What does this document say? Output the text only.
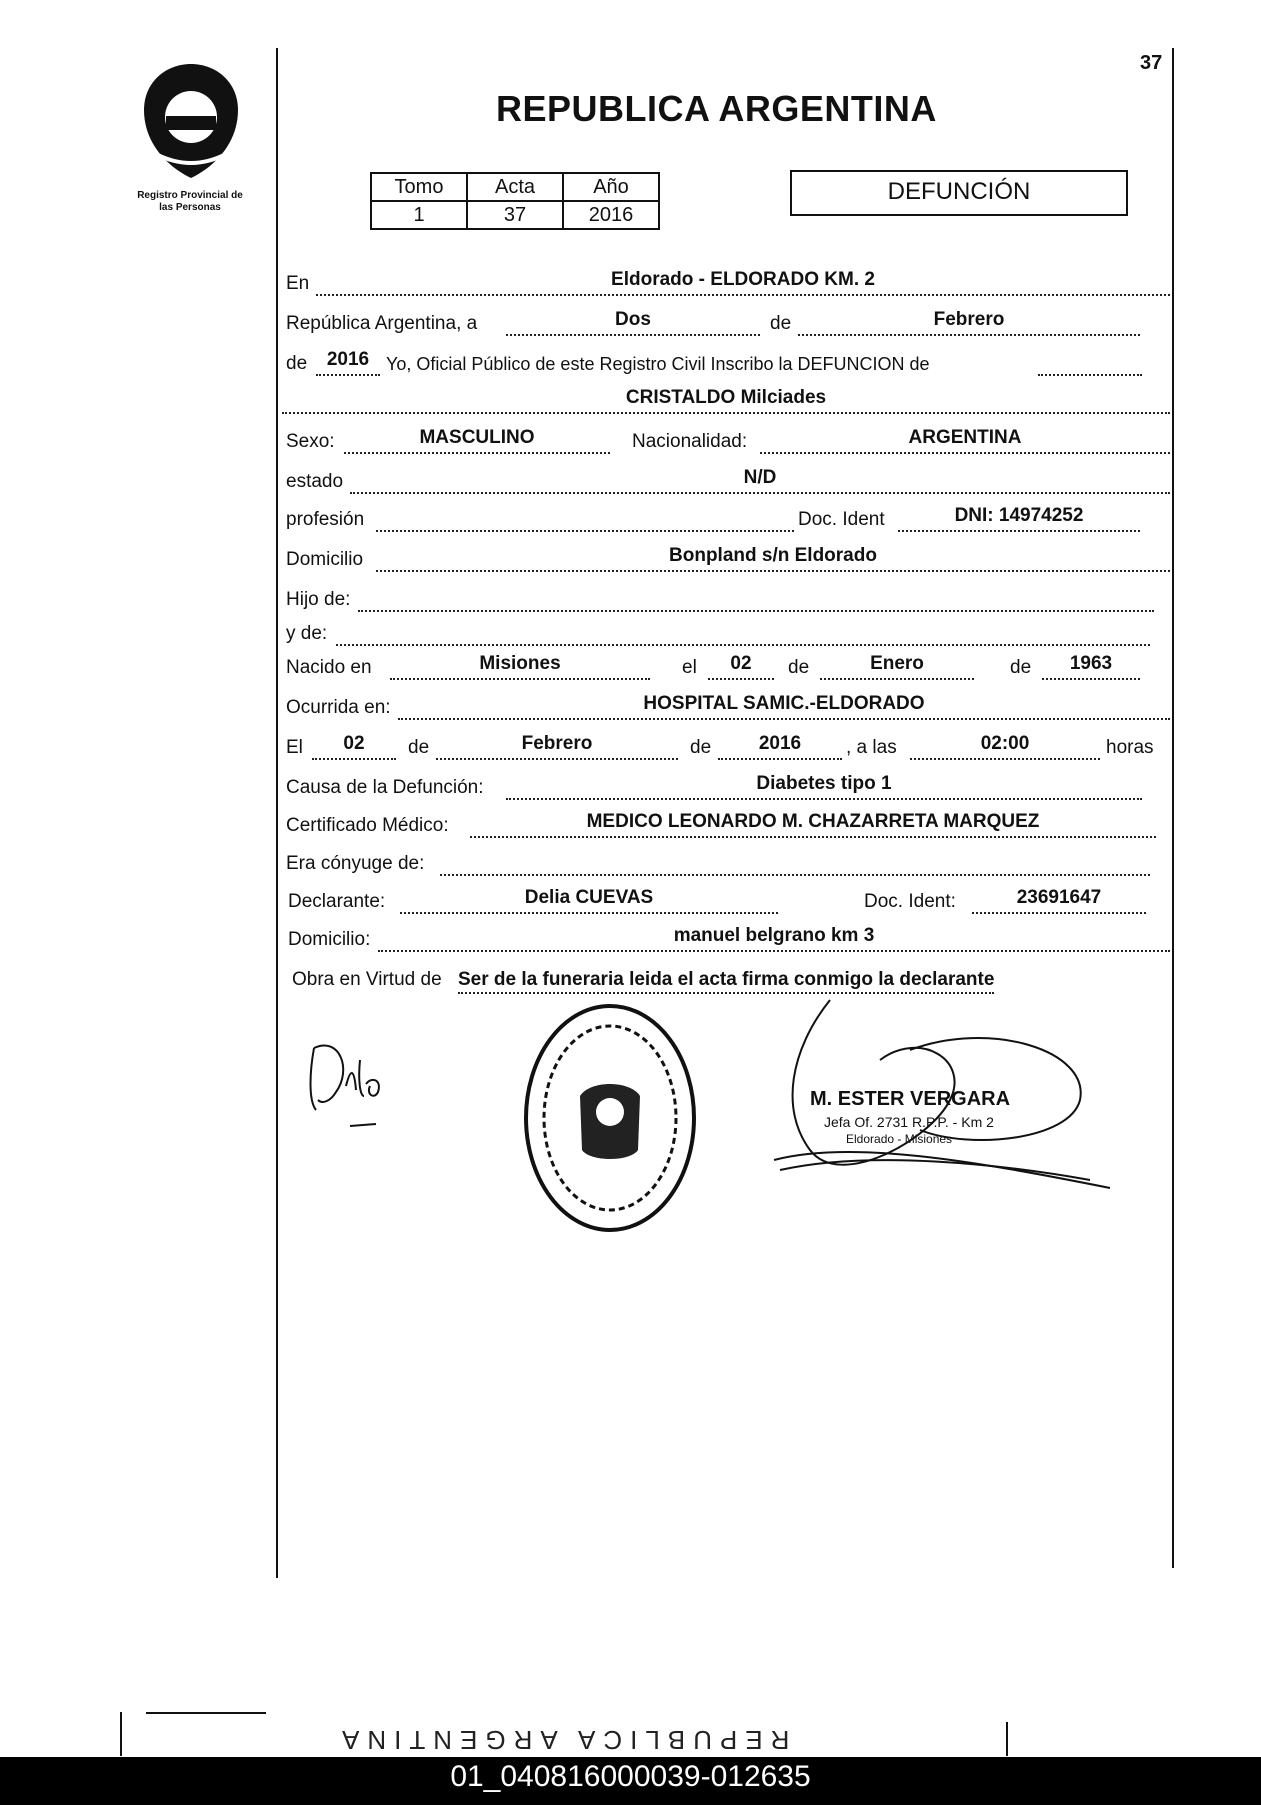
37
Registro Provincial de
las Personas
REPUBLICA ARGENTINA
Tomo	Acta	Año
1	37	2016
DEFUNCIÓN
En	Eldorado - ELDORADO KM. 2
República Argentina, a	Dos	de	Febrero
de	2016 Yo, Oficial Público de este Registro Civil Inscribo la DEFUNCION de
CRISTALDO Milciades
Sexo:	MASCULINO	Nacionalidad:	ARGENTINA
estado	N/D
profesión	Doc. Ident	DNI: 14974252
Domicilio	Bonpland s/n Eldorado
Hijo de:
y de:
Nacido en	Misiones	el	02	de	Enero	de	1963
Ocurrida en:	HOSPITAL SAMIC.-ELDORADO
El	02	de	Febrero	de	2016	, a las	02:00	horas
Causa de la Defunción:	Diabetes tipo 1
Certificado Médico:	MEDICO LEONARDO M. CHAZARRETA MARQUEZ
Era cónyuge de:
Declarante:	Delia CUEVAS	Doc. Ident:	23691647
Domicilio:	manuel belgrano km 3
Obra en Virtud de Ser de la funeraria leida el acta firma conmigo la declarante
M. ESTER VERGARA
Jefa Of. 2731 R.P.P. - Km 2
Eldorado - Misiones
REPUBLICA ARGENTINA
01_040816000039-012635
